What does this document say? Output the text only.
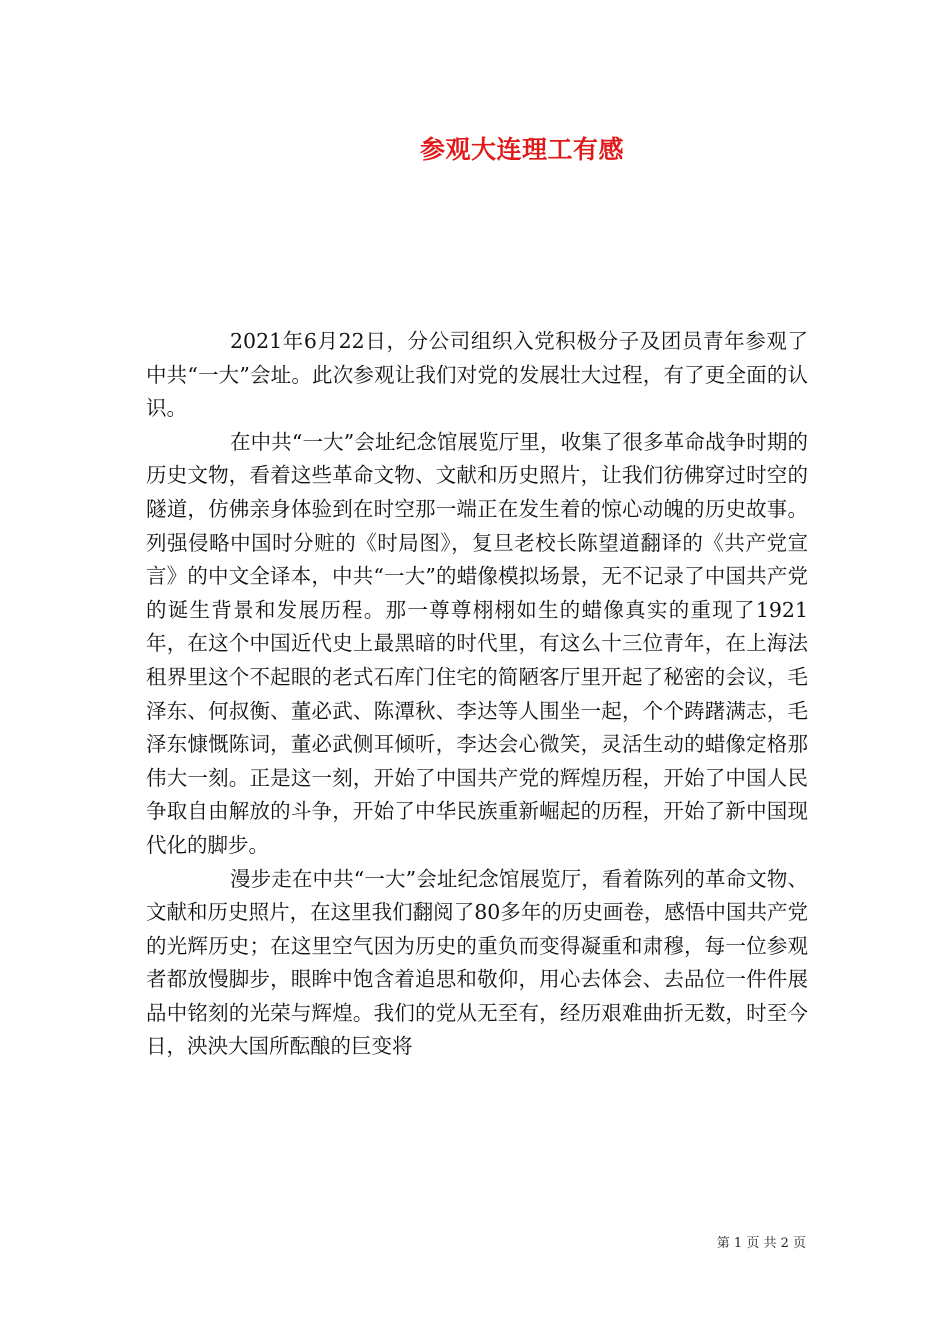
参观大连理工有感

2021年6月22日，分公司组织入党积极分子及团员青年参观了中共“一大”会址。此次参观让我们对党的发展壮大过程，有了更全面的认识。

在中共“一大”会址纪念馆展览厅里，收集了很多革命战争时期的历史文物，看着这些革命文物、文献和历史照片，让我们彷佛穿过时空的隧道，仿佛亲身体验到在时空那一端正在发生着的惊心动魄的历史故事。列强侵略中国时分赃的《时局图》，复旦老校长陈望道翻译的《共产党宣言》的中文全译本，中共“一大”的蜡像模拟场景，无不记录了中国共产党的诞生背景和发展历程。那一尊尊栩栩如生的蜡像真实的重现了1921年，在这个中国近代史上最黑暗的时代里，有这么十三位青年，在上海法租界里这个不起眼的老式石库门住宅的简陋客厅里开起了秘密的会议，毛泽东、何叔衡、董必武、陈潭秋、李达等人围坐一起，个个踌躇满志，毛泽东慷慨陈词，董必武侧耳倾听，李达会心微笑，灵活生动的蜡像定格那伟大一刻。正是这一刻，开始了中国共产党的辉煌历程，开始了中国人民争取自由解放的斗争，开始了中华民族重新崛起的历程，开始了新中国现代化的脚步。

漫步走在中共“一大”会址纪念馆展览厅，看着陈列的革命文物、文献和历史照片，在这里我们翻阅了80多年的历史画卷，感悟中国共产党的光辉历史；在这里空气因为历史的重负而变得凝重和肃穆，每一位参观者都放慢脚步，眼眸中饱含着追思和敬仰，用心去体会、去品位一件件展品中铭刻的光荣与辉煌。我们的党从无至有，经历艰难曲折无数，时至今日，泱泱大国所酝酿的巨变将

第 1 页 共 2 页
